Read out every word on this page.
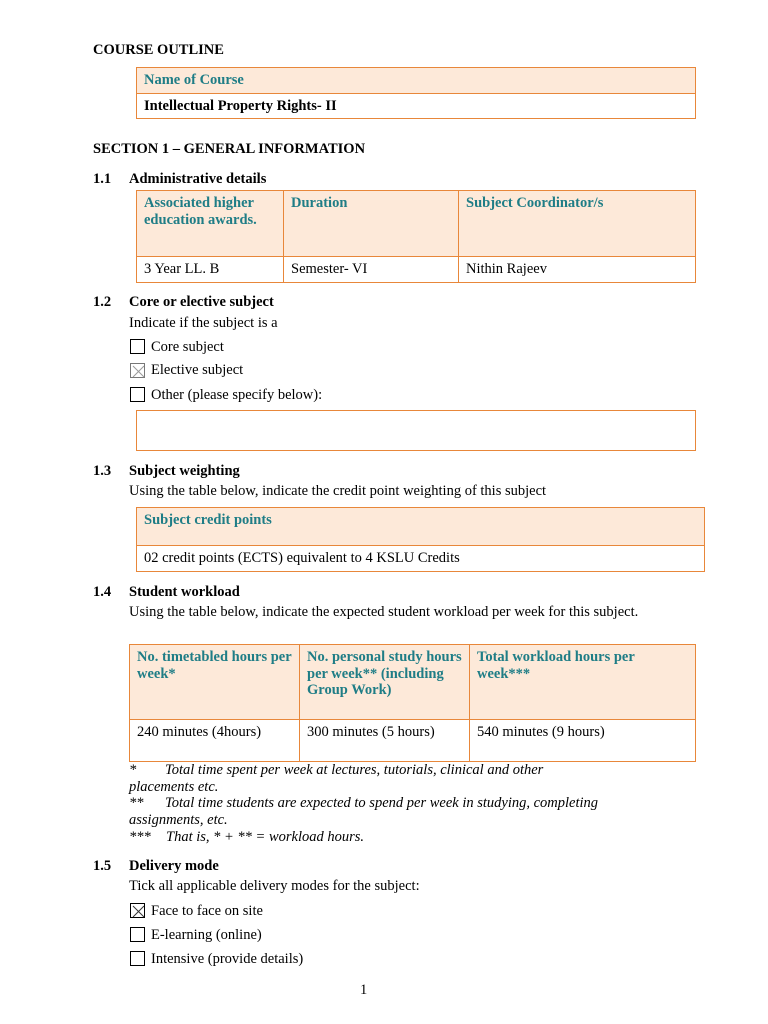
COURSE OUTLINE
Name of Course
Intellectual Property Rights- II
SECTION 1 – GENERAL INFORMATION
1.1 Administrative details
Associated higher education awards.	Duration	Subject Coordinator/s
3 Year LL. B	Semester- VI	Nithin Rajeev
1.2 Core or elective subject
Indicate if the subject is a
Core subject
Elective subject
Other (please specify below):
1.3 Subject weighting
Using the table below, indicate the credit point weighting of this subject
Subject credit points
02 credit points (ECTS) equivalent to 4 KSLU Credits
1.4 Student workload
Using the table below, indicate the expected student workload per week for this subject.
No. timetabled hours per week*	No. personal study hours per week** (including Group Work)	Total workload hours per week***
240 minutes (4hours)	300 minutes (5 hours)	540 minutes (9 hours)
*	Total time spent per week at lectures, tutorials, clinical and other placements etc.
**	Total time students are expected to spend per week in studying, completing assignments, etc.
*** That is, * + ** = workload hours.
1.5 Delivery mode
Tick all applicable delivery modes for the subject:
Face to face on site
E-learning (online)
Intensive (provide details)
1
